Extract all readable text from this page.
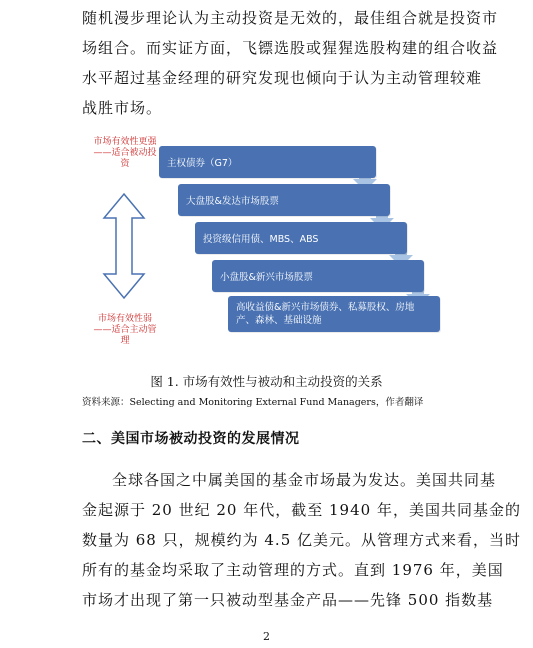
随机漫步理论认为主动投资是无效的，最佳组合就是投资市
场组合。而实证方面，飞镖选股或猩猩选股构建的组合收益
水平超过基金经理的研究发现也倾向于认为主动管理较难
战胜市场。
市场有效性更强——适合被动投资
市场有效性弱——适合主动管理
主权债券（G7）
大盘股&发达市场股票
投资级信用债、MBS、ABS
小盘股&新兴市场股票
高收益债&新兴市场债券、私募股权、房地产、森林、基础设施
图 1. 市场有效性与被动和主动投资的关系
资料来源：Selecting and Monitoring External Fund Managers，作者翻译
二、美国市场被动投资的发展情况
全球各国之中属美国的基金市场最为发达。美国共同基
金起源于 20 世纪 20 年代，截至 1940 年，美国共同基金的
数量为 68 只，规模约为 4.5 亿美元。从管理方式来看，当时
所有的基金均采取了主动管理的方式。直到 1976 年，美国
市场才出现了第一只被动型基金产品——先锋 500 指数基
2
